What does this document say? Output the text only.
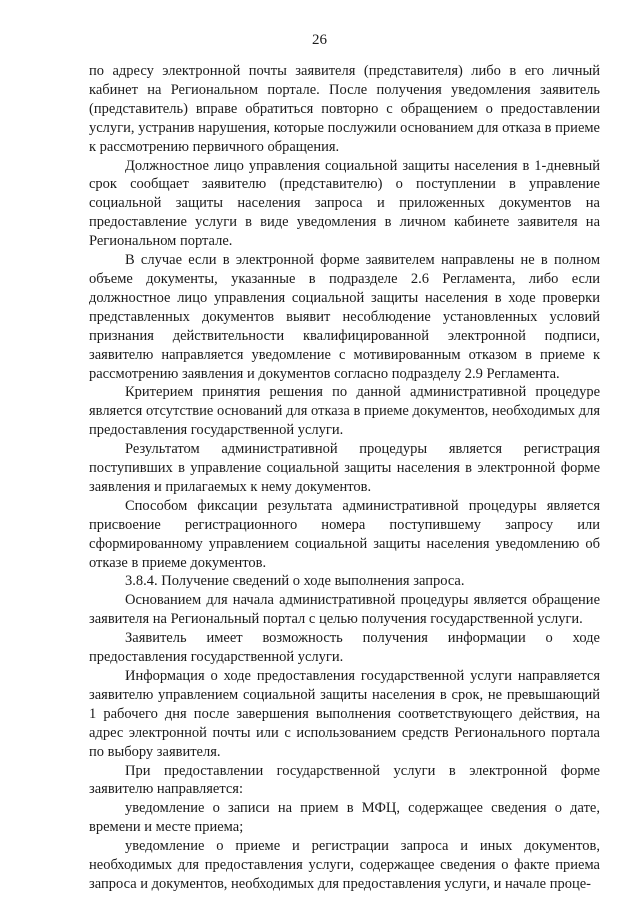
26

по адресу электронной почты заявителя (представителя) либо в его личный кабинет на Региональном портале. После получения уведомления заявитель (представитель) вправе обратиться повторно с обращением о предоставлении услуги, устранив нарушения, которые послужили основанием для отказа в приеме к рассмотрению первичного обращения.

Должностное лицо управления социальной защиты населения в 1-дневный срок сообщает заявителю (представителю) о поступлении в управление социальной защиты населения запроса и приложенных документов на предоставление услуги в виде уведомления в личном кабинете заявителя на Региональном портале.

В случае если в электронной форме заявителем направлены не в полном объеме документы, указанные в подразделе 2.6 Регламента, либо если должностное лицо управления социальной защиты населения в ходе проверки представленных документов выявит несоблюдение установленных условий признания действительности квалифицированной электронной подписи, заявителю направляется уведомление с мотивированным отказом в приеме к рассмотрению заявления и документов согласно подразделу 2.9 Регламента.

Критерием принятия решения по данной административной процедуре является отсутствие оснований для отказа в приеме документов, необходимых для предоставления государственной услуги.

Результатом административной процедуры является регистрация поступивших в управление социальной защиты населения в электронной форме заявления и прилагаемых к нему документов.

Способом фиксации результата административной процедуры является присвоение регистрационного номера поступившему запросу или сформированному управлением социальной защиты населения уведомлению об отказе в приеме документов.

3.8.4. Получение сведений о ходе выполнения запроса.

Основанием для начала административной процедуры является обращение заявителя на Региональный портал с целью получения государственной услуги.

Заявитель имеет возможность получения информации о ходе предоставления государственной услуги.

Информация о ходе предоставления государственной услуги направляется заявителю управлением социальной защиты населения в срок, не превышающий 1 рабочего дня после завершения выполнения соответствующего действия, на адрес электронной почты или с использованием средств Регионального портала по выбору заявителя.

При предоставлении государственной услуги в электронной форме заявителю направляется:

уведомление о записи на прием в МФЦ, содержащее сведения о дате, времени и месте приема;

уведомление о приеме и регистрации запроса и иных документов, необходимых для предоставления услуги, содержащее сведения о факте приема запроса и документов, необходимых для предоставления услуги, и начале проце-
